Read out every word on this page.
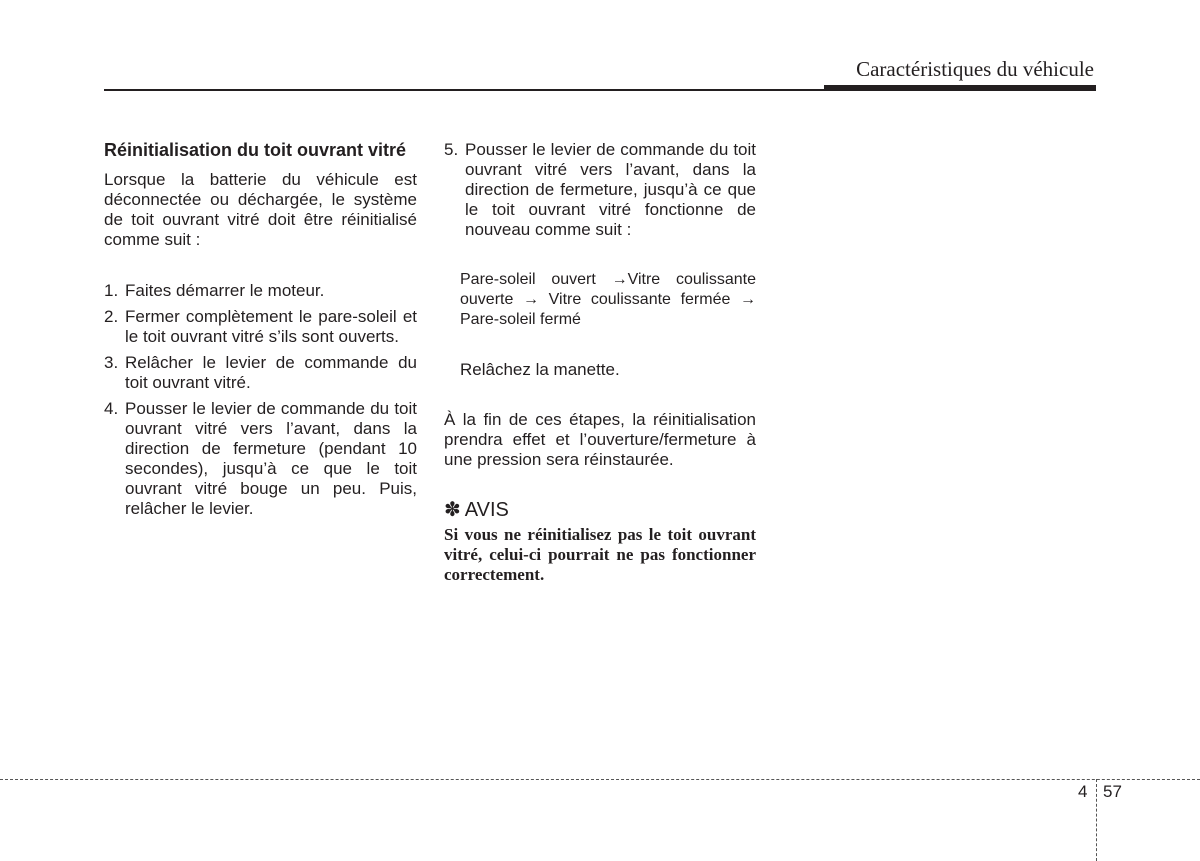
Caractéristiques du véhicule
Réinitialisation du toit ouvrant vitré

Lorsque la batterie du véhicule est déconnectée ou déchargée, le système de toit ouvrant vitré doit être réinitialisé comme suit :

1. Faites démarrer le moteur.
2. Fermer complètement le pare-soleil et le toit ouvrant vitré s’ils sont ouverts.
3. Relâcher le levier de commande du toit ouvrant vitré.
4. Pousser le levier de commande du toit ouvrant vitré vers l’avant, dans la direction de fermeture (pendant 10 secondes), jusqu’à ce que le toit ouvrant vitré bouge un peu. Puis, relâcher le levier.
5. Pousser le levier de commande du toit ouvrant vitré vers l’avant, dans la direction de fermeture, jusqu’à ce que le toit ouvrant vitré fonctionne de nouveau comme suit :

Pare-soleil ouvert →Vitre coulissante ouverte → Vitre coulissante fermée → Pare-soleil fermé

Relâchez la manette.

À la fin de ces étapes, la réinitialisation prendra effet et l’ouverture/fermeture à une pression sera réinstaurée.

✽ AVIS

Si vous ne réinitialisez pas le toit ouvrant vitré, celui-ci pourrait ne pas fonctionner correctement.

4 57
